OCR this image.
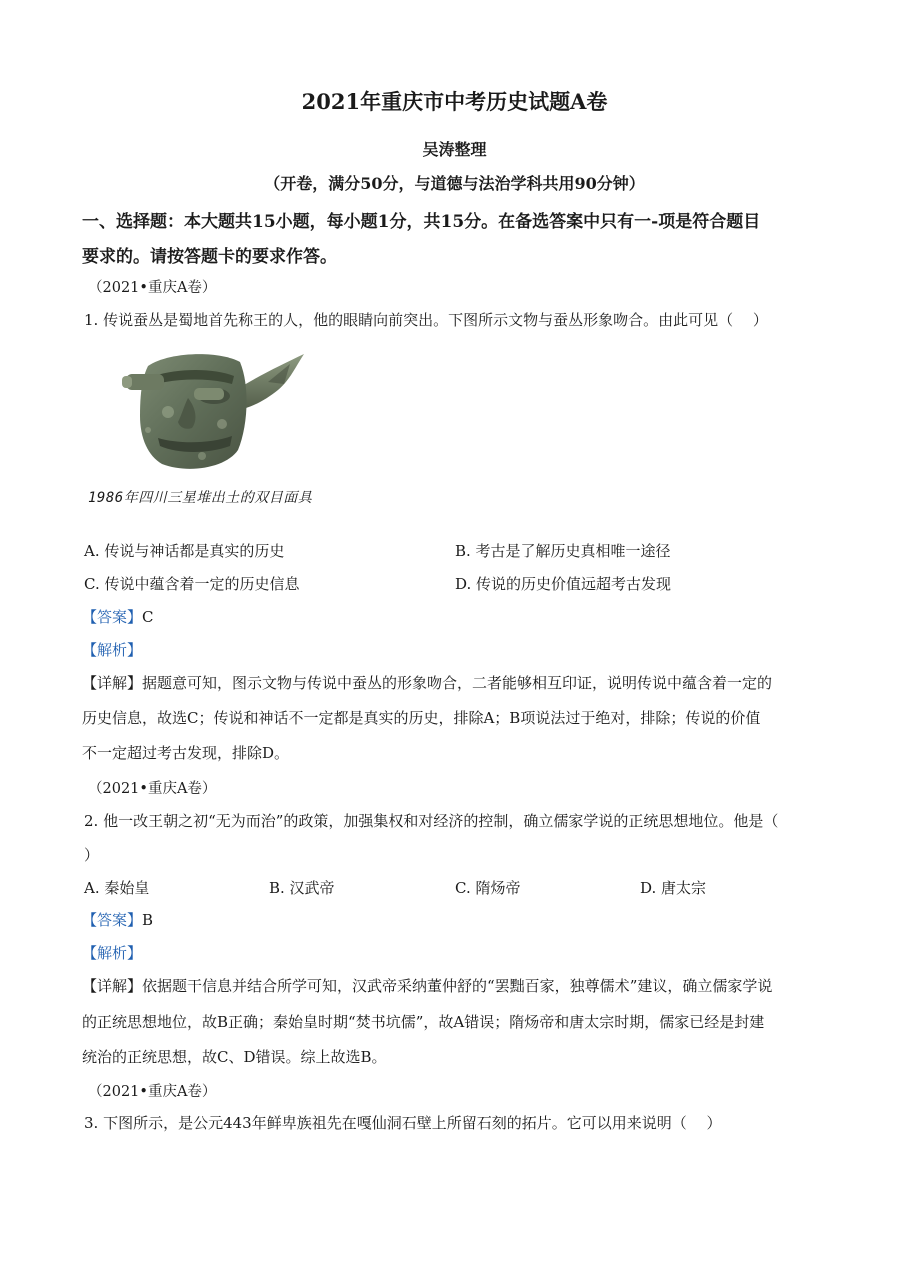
2021年重庆市中考历史试题A卷
吴涛整理
（开卷，满分50分，与道德与法治学科共用90分钟）
一、选择题：本大题共15小题，每小题1分，共15分。在备选答案中只有一-项是符合题目
要求的。请按答题卡的要求作答。
（2021•重庆A卷）
1. 传说蚕丛是蜀地首先称王的人，他的眼睛向前突出。下图所示文物与蚕丛形象吻合。由此可见（　 ）
1986年四川三星堆出土的双目面具
A. 传说与神话都是真实的历史	B. 考古是了解历史真相唯一途径
C. 传说中蕴含着一定的历史信息	D. 传说的历史价值远超考古发现
【答案】C
【解析】
【详解】据题意可知，图示文物与传说中蚕丛的形象吻合，二者能够相互印证，说明传说中蕴含着一定的
历史信息，故选C；传说和神话不一定都是真实的历史，排除A；B项说法过于绝对，排除；传说的价值
不一定超过考古发现，排除D。
（2021•重庆A卷）
2. 他一改王朝之初“无为而治”的政策，加强集权和对经济的控制，确立儒家学说的正统思想地位。他是（
）
A. 秦始皇	B. 汉武帝	C. 隋炀帝	D. 唐太宗
【答案】B
【解析】
【详解】依据题干信息并结合所学可知，汉武帝采纳董仲舒的“罢黜百家，独尊儒术”建议，确立儒家学说
的正统思想地位，故B正确；秦始皇时期“焚书坑儒”，故A错误；隋炀帝和唐太宗时期，儒家已经是封建
统治的正统思想，故C、D错误。综上故选B。
（2021•重庆A卷）
3. 下图所示，是公元443年鲜卑族祖先在嘎仙洞石壁上所留石刻的拓片。它可以用来说明（　 ）
